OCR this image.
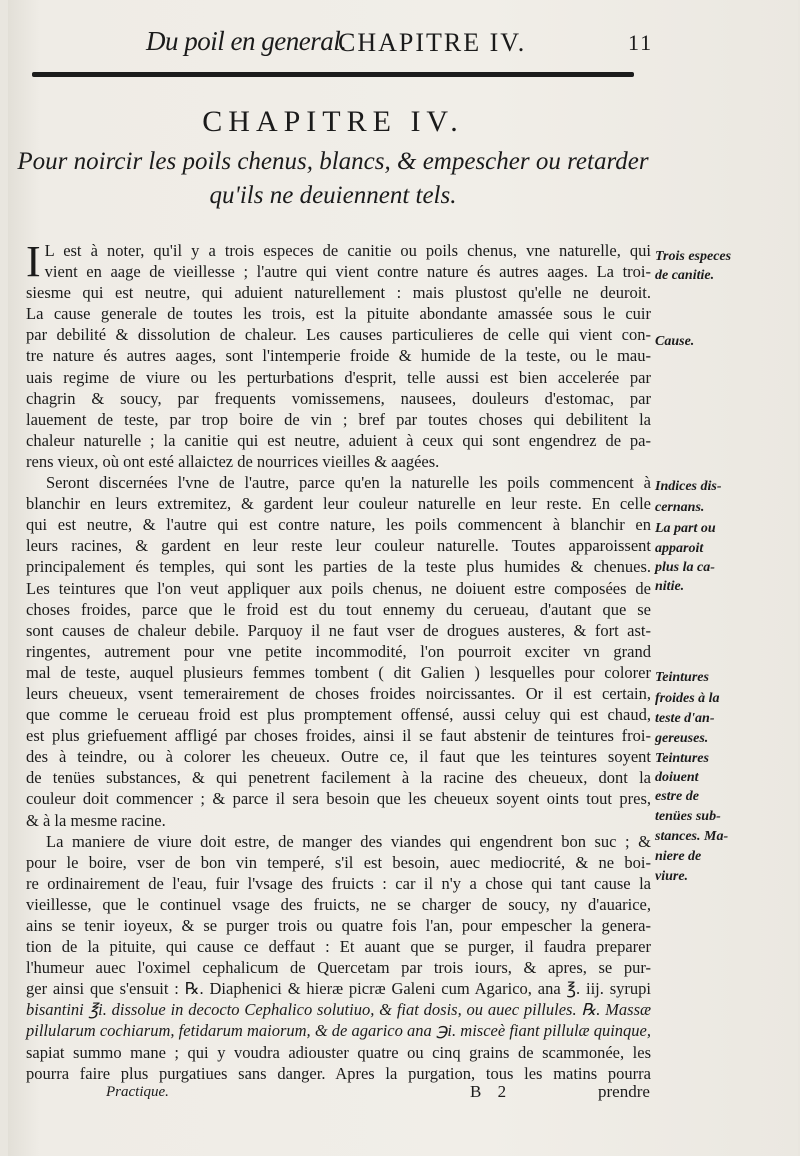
Du poil en general.
CHAPITRE IV.	11
CHAPITRE IV.
Pour noircir les poils chenus, blancs, & empescher ou retarder
qu'ils ne deuiennent tels.
I L est à noter, qu'il y a trois especes de canitie ou poils chenus, vne naturelle, qui

vient en aage de vieillesse ; l'autre qui vient contre nature és autres aages. La troi-

siesme qui est neutre, qui aduient naturellement : mais plustost qu'elle ne deuroit.

La cause generale de toutes les trois, est la pituite abondante amassée sous le cuir

par debilité & dissolution de chaleur. Les causes particulieres de celle qui vient con-

tre nature és autres aages, sont l'intemperie froide & humide de la teste, ou le mau-

uais regime de viure ou les perturbations d'esprit, telle aussi est bien accelerée par

chagrin & soucy, par frequents vomissemens, nausees, douleurs d'estomac, par

lauement de teste, par trop boire de vin ; bref par toutes choses qui debilitent la

chaleur naturelle ; la canitie qui est neutre, aduient à ceux qui sont engendrez de pa-

rens vieux, où ont esté allaictez de nourrices vieilles & aagées.

Seront discernées l'vne de l'autre, parce qu'en la naturelle les poils commencent à

blanchir en leurs extremitez, & gardent leur couleur naturelle en leur reste. En celle

qui est neutre, & l'autre qui est contre nature, les poils commencent à blanchir en

leurs racines, & gardent en leur reste leur couleur naturelle. Toutes apparoissent

principalement és temples, qui sont les parties de la teste plus humides & chenues.

Les teintures que l'on veut appliquer aux poils chenus, ne doiuent estre composées de

choses froides, parce que le froid est du tout ennemy du cerueau, d'autant que se

sont causes de chaleur debile. Parquoy il ne faut vser de drogues austeres, & fort ast-

ringentes, autrement pour vne petite incommodité, l'on pourroit exciter vn grand

mal de teste, auquel plusieurs femmes tombent ( dit Galien ) lesquelles pour colorer

leurs cheueux, vsent temerairement de choses froides noircissantes. Or il est certain,

que comme le cerueau froid est plus promptement offensé, aussi celuy qui est chaud,

est plus griefuement affligé par choses froides, ainsi il se faut abstenir de teintures froi-

des à teindre, ou à colorer les cheueux. Outre ce, il faut que les teintures soyent

de tenües substances, & qui penetrent facilement à la racine des cheueux, dont la

couleur doit commencer ; & parce il sera besoin que les cheueux soyent oints tout pres,

& à la mesme racine.

La maniere de viure doit estre, de manger des viandes qui engendrent bon suc ; &

pour le boire, vser de bon vin temperé, s'il est besoin, auec mediocrité, & ne boi-

re ordinairement de l'eau, fuir l'vsage des fruicts : car il n'y a chose qui tant cause la

vieillesse, que le continuel vsage des fruicts, ne se charger de soucy, ny d'auarice,

ains se tenir ioyeux, & se purger trois ou quatre fois l'an, pour empescher la genera-

tion de la pituite, qui cause ce deffaut : Et auant que se purger, il faudra preparer

l'humeur auec l'oximel cephalicum de Quercetam par trois iours, & apres, se pur-

ger ainsi que s'ensuit : ℞. Diaphenici & hieræ picræ Galeni cum Agarico, ana ℥. iij. syrupi

bisantini ℥i. dissolue in decocto Cephalico solutiuo, & fiat dosis, ou auec pillules. ℞. Massæ

pillularum cochiarum, fetidarum maiorum, & de agarico ana ℈i. misceè fiant pillulæ quinque,

sapiat summo mane ; qui y voudra adiouster quatre ou cinq grains de scammonée, les

pourra faire plus purgatiues sans danger. Apres la purgation, tous les matins pourra

Trois especes
de canitie.
Cause.
Indices dis-
cernans.
La part ou
apparoit
plus la ca-
nitie.
Teintures
froides à la
teste d'an-
gereuses.
Teintures
doiuent
estre de
tenües sub-
stances. Ma-
niere de
viure.
Practique.	B 2	prendre
